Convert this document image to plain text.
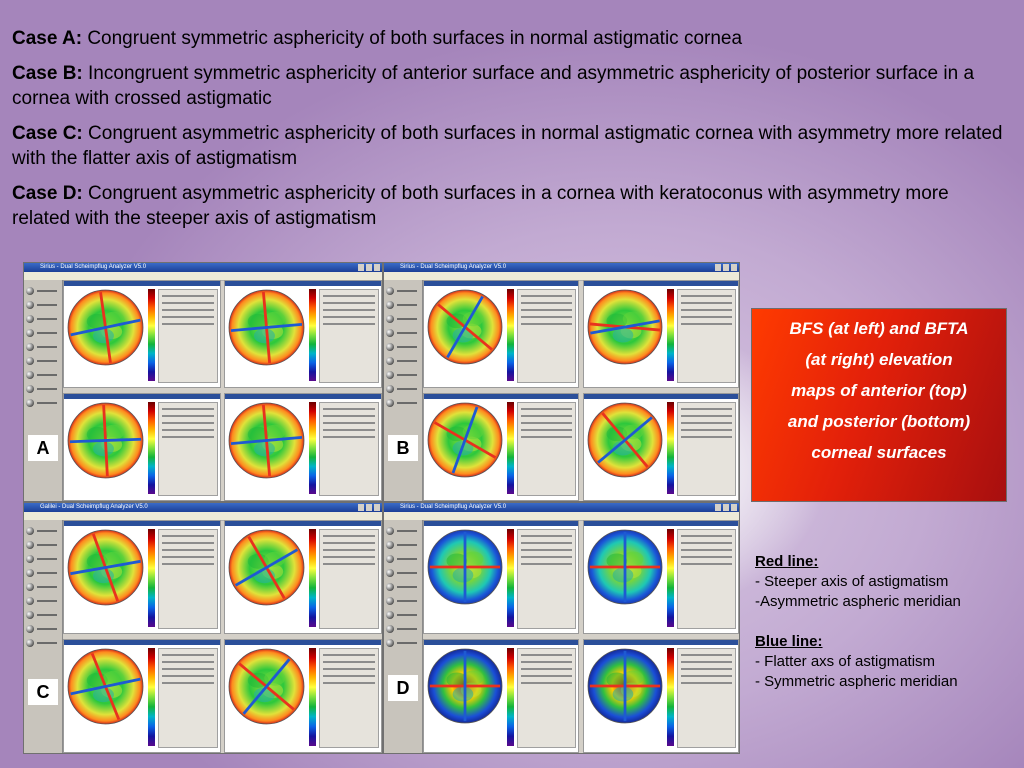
Case A: Congruent symmetric asphericity of both surfaces in normal astigmatic cornea

Case B: Incongruent symmetric asphericity of anterior surface and asymmetric asphericity of posterior surface in a cornea with crossed astigmatic

Case C: Congruent asymmetric asphericity of both surfaces in normal astigmatic cornea with asymmetry more related with the flatter axis of astigmatism

Case D: Congruent asymmetric asphericity of both surfaces in a cornea with keratoconus with asymmetry more related with the steeper axis of astigmatism

Sirius - Dual Scheimpflug Analyzer V5.0
A
Sirius - Dual Scheimpflug Analyzer V5.0
B
Galilei - Dual Scheimpflug Analyzer V5.0
C
Sirius - Dual Scheimpflug Analyzer V5.0
D
BFS (at left) and BFTA
(at right) elevation
maps of anterior (top)
and posterior (bottom)
corneal surfaces
Red line:
- Steeper axis of astigmatism
-Asymmetric aspheric meridian
Blue line:
- Flatter axs of astigmatism
- Symmetric aspheric meridian
